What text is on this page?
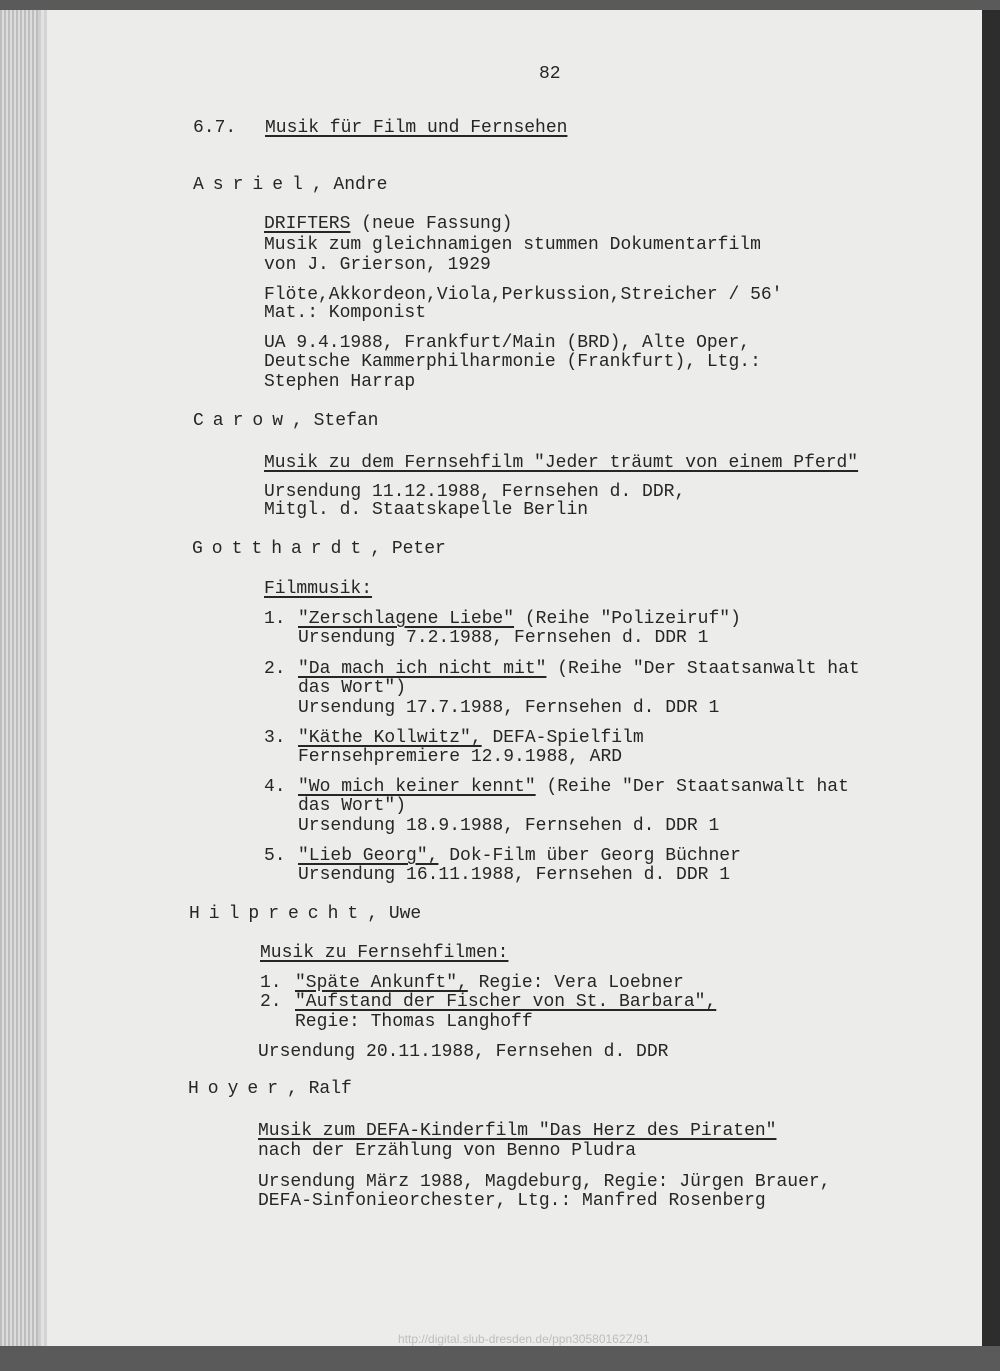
82
6.7. Musik für Film und Fernsehen
Asriel, Andre
DRIFTERS (neue Fassung)
Musik zum gleichnamigen stummen Dokumentarfilm
von J. Grierson, 1929
Flöte,Akkordeon,Viola,Perkussion,Streicher / 56'
Mat.: Komponist
UA 9.4.1988, Frankfurt/Main (BRD), Alte Oper,
Deutsche Kammerphilharmonie (Frankfurt), Ltg.:
Stephen Harrap
Carow, Stefan
Musik zu dem Fernsehfilm "Jeder träumt von einem Pferd"
Ursendung 11.12.1988, Fernsehen d. DDR,
Mitgl. d. Staatskapelle Berlin
Gotthardt, Peter
Filmmusik:
1. "Zerschlagene Liebe" (Reihe "Polizeiruf")
Ursendung 7.2.1988, Fernsehen d. DDR 1
2. "Da mach ich nicht mit" (Reihe "Der Staatsanwalt hat
das Wort")
Ursendung 17.7.1988, Fernsehen d. DDR 1
3. "Käthe Kollwitz", DEFA-Spielfilm
Fernsehpremiere 12.9.1988, ARD
4. "Wo mich keiner kennt" (Reihe "Der Staatsanwalt hat
das Wort")
Ursendung 18.9.1988, Fernsehen d. DDR 1
5. "Lieb Georg", Dok-Film über Georg Büchner
Ursendung 16.11.1988, Fernsehen d. DDR 1
Hilprecht, Uwe
Musik zu Fernsehfilmen:
1. "Späte Ankunft", Regie: Vera Loebner
2. "Aufstand der Fischer von St. Barbara",
Regie: Thomas Langhoff
Ursendung 20.11.1988, Fernsehen d. DDR
Hoyer, Ralf
Musik zum DEFA-Kinderfilm "Das Herz des Piraten"
nach der Erzählung von Benno Pludra
Ursendung März 1988, Magdeburg, Regie: Jürgen Brauer,
DEFA-Sinfonieorchester, Ltg.: Manfred Rosenberg
http://digital.slub-dresden.de/ppn30580162Z/91
